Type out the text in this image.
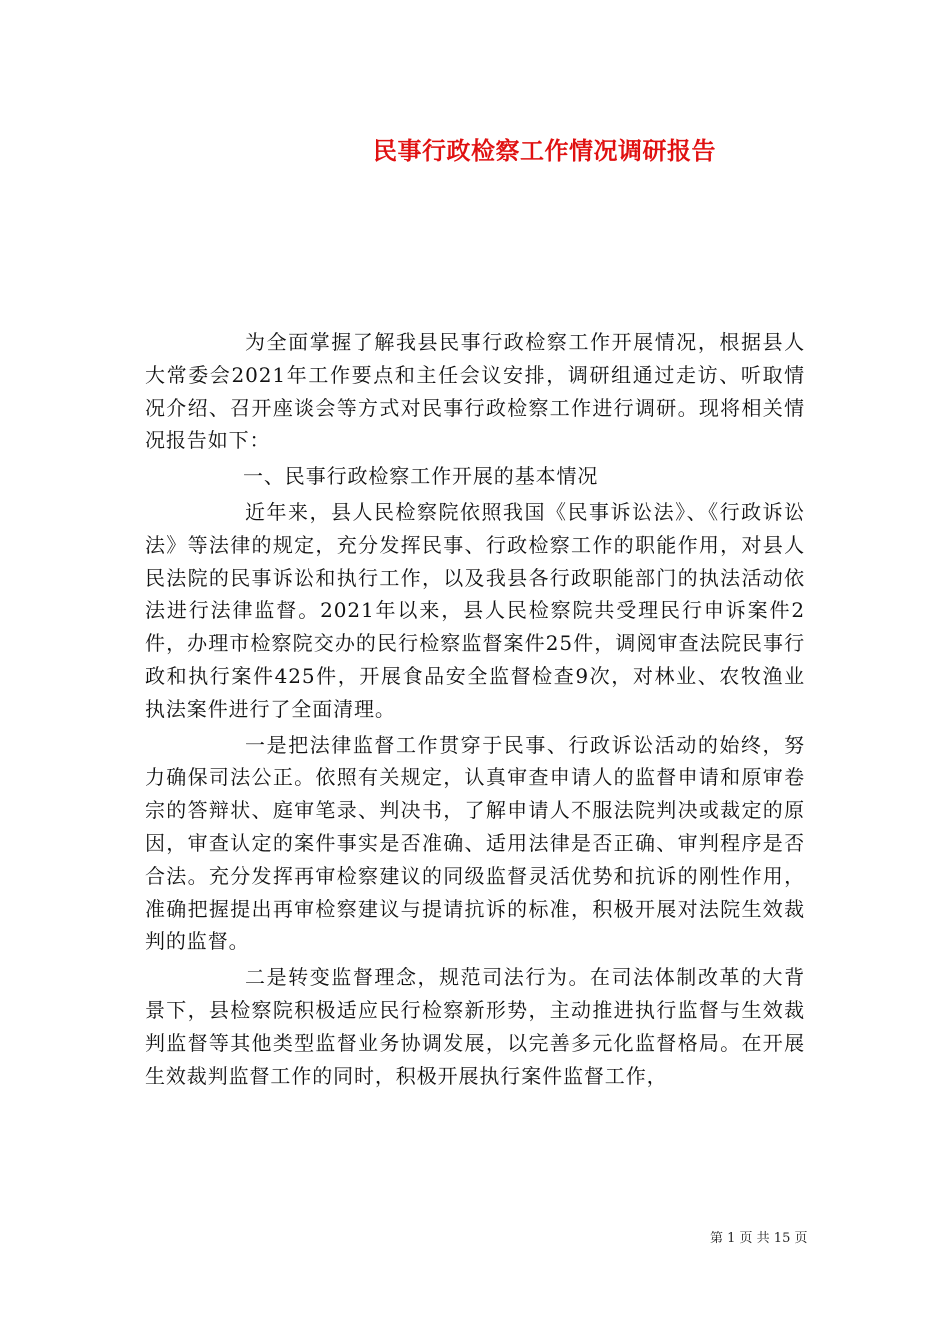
民事行政检察工作情况调研报告

为全面掌握了解我县民事行政检察工作开展情况，根据县人大常委会2021年工作要点和主任会议安排，调研组通过走访、听取情况介绍、召开座谈会等方式对民事行政检察工作进行调研。现将相关情况报告如下：

一、民事行政检察工作开展的基本情况

近年来，县人民检察院依照我国《民事诉讼法》、《行政诉讼法》等法律的规定，充分发挥民事、行政检察工作的职能作用，对县人民法院的民事诉讼和执行工作，以及我县各行政职能部门的执法活动依法进行法律监督。2021年以来，县人民检察院共受理民行申诉案件2件，办理市检察院交办的民行检察监督案件25件，调阅审查法院民事行政和执行案件425件，开展食品安全监督检查9次，对林业、农牧渔业执法案件进行了全面清理。

一是把法律监督工作贯穿于民事、行政诉讼活动的始终，努力确保司法公正。依照有关规定，认真审查申请人的监督申请和原审卷宗的答辩状、庭审笔录、判决书，了解申请人不服法院判决或裁定的原因，审查认定的案件事实是否准确、适用法律是否正确、审判程序是否合法。充分发挥再审检察建议的同级监督灵活优势和抗诉的刚性作用，准确把握提出再审检察建议与提请抗诉的标准，积极开展对法院生效裁判的监督。

二是转变监督理念，规范司法行为。在司法体制改革的大背景下，县检察院积极适应民行检察新形势，主动推进执行监督与生效裁判监督等其他类型监督业务协调发展，以完善多元化监督格局。在开展生效裁判监督工作的同时，积极开展执行案件监督工作，

第 1 页 共 15 页
